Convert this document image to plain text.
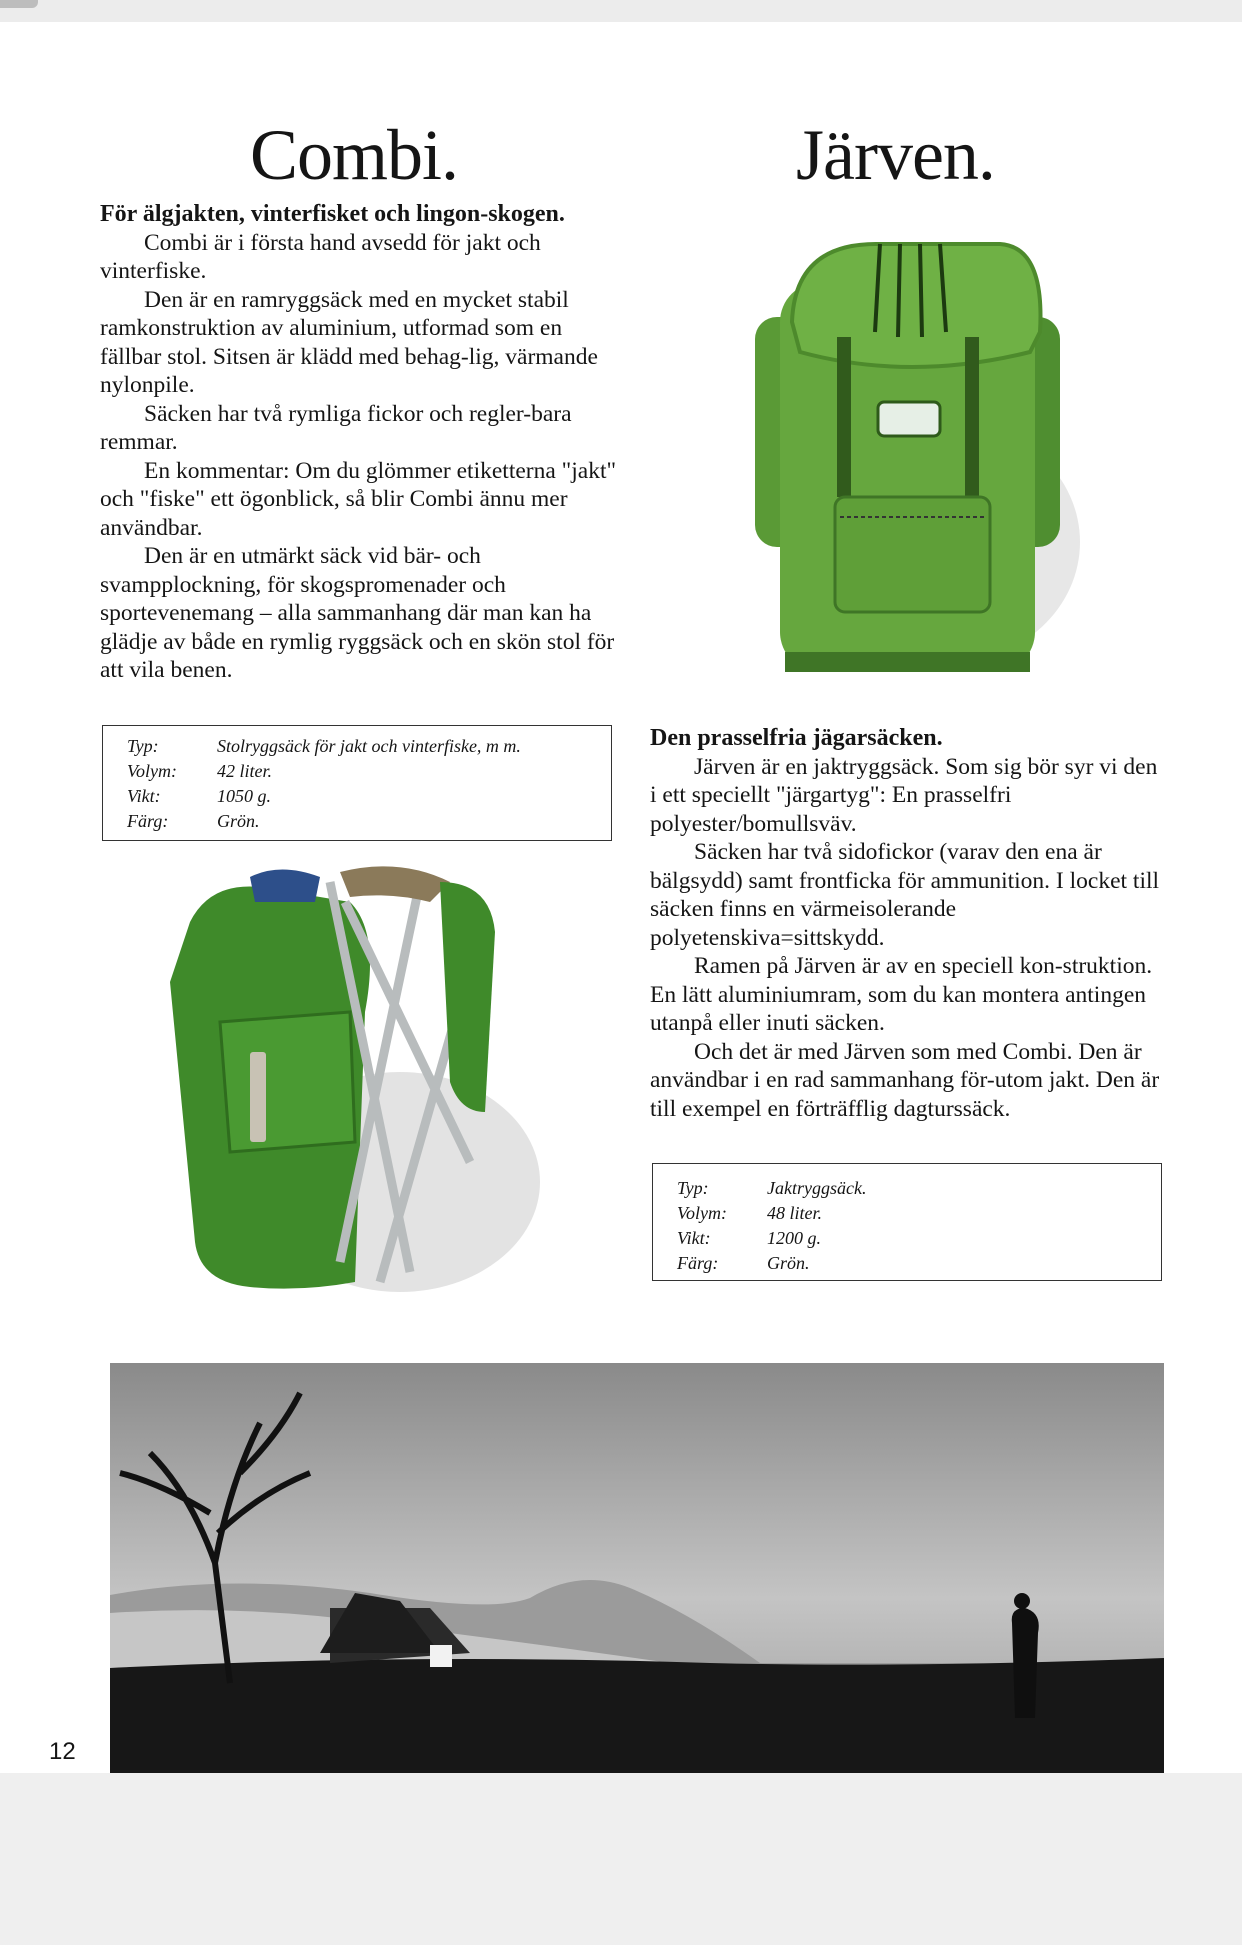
Combi.	Järven.

För älgjakten, vinterfisket och lingon-skogen.

Combi är i första hand avsedd för jakt och vinterfiske.

Den är en ramryggsäck med en mycket stabil ramkonstruktion av aluminium, utformad som en fällbar stol. Sitsen är klädd med behag-lig, värmande nylonpile.

Säcken har två rymliga fickor och regler-bara remmar.

En kommentar: Om du glömmer etiketterna "jakt" och "fiske" ett ögonblick, så blir Combi ännu mer användbar.

Den är en utmärkt säck vid bär- och svampplockning, för skogspromenader och sportevenemang – alla sammanhang där man kan ha glädje av både en rymlig ryggsäck och en skön stol för att vila benen.

Typ:	Stolryggsäck för jakt och vinterfiske, m m.
Volym:	42 liter.
Vikt:	1050 g.
Färg:	Grön.

Den prasselfria jägarsäcken.

Järven är en jaktryggsäck. Som sig bör syr vi den i ett speciellt "järgartyg": En prasselfri polyester/bomullsväv.

Säcken har två sidofickor (varav den ena är bälgsydd) samt frontficka för ammunition. I locket till säcken finns en värmeisolerande polyetenskiva=sittskydd.

Ramen på Järven är av en speciell kon-struktion. En lätt aluminiumram, som du kan montera antingen utanpå eller inuti säcken.

Och det är med Järven som med Combi. Den är användbar i en rad sammanhang för-utom jakt. Den är till exempel en förträfflig dagturssäck.

Typ:	Jaktryggsäck.
Volym:	48 liter.
Vikt:	1200 g.
Färg:	Grön.
12
